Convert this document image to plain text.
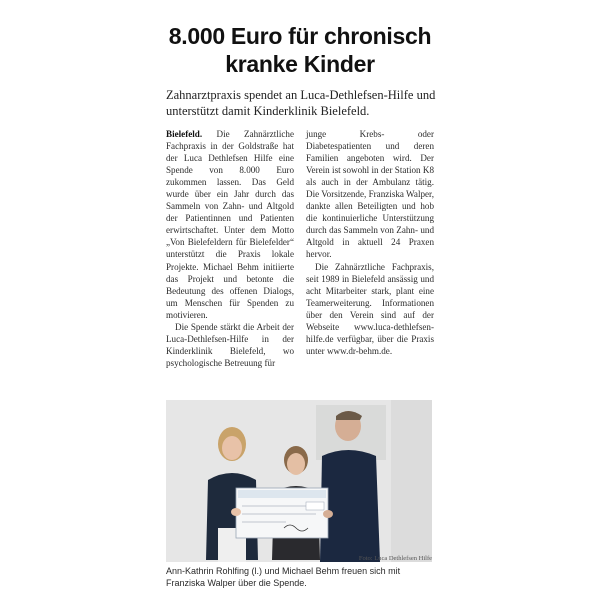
8.000 Euro für chronisch
kranke Kinder
Zahnarztpraxis spendet an Luca-Dethlefsen-Hilfe und unterstützt damit Kinderklinik Bielefeld.

Bielefeld. Die Zahnärztliche Fachpraxis in der Goldstraße hat der Luca Dethlefsen Hilfe eine Spende von 8.000 Euro zukommen lassen. Das Geld wurde über ein Jahr durch das Sammeln von Zahn- und Altgold der Patientinnen und Patienten erwirtschaftet. Unter dem Motto „Von Bielefeldern für Bielefelder“ unterstützt die Praxis lokale Projekte. Michael Behm initiierte das Projekt und betonte die Bedeutung des offenen Dialogs, um Menschen für Spenden zu motivieren.

Die Spende stärkt die Arbeit der Luca-Dethlefsen-Hilfe in der Kinderklinik Bielefeld, wo psychologische Betreuung für

junge Krebs- oder Diabetespatienten und deren Familien angeboten wird. Der Verein ist sowohl in der Station K8 als auch in der Ambulanz tätig. Die Vorsitzende, Franziska Walper, dankte allen Beteiligten und hob die kontinuierliche Unterstützung durch das Sammeln von Zahn- und Altgold in aktuell 24 Praxen hervor.

Die Zahnärztliche Fachpraxis, seit 1989 in Bielefeld ansässig und acht Mitarbeiter stark, plant eine Teamerweiterung. Informationen über den Verein sind auf der Webseite www.luca-dethlefsen-hilfe.de verfügbar, über die Praxis unter www.dr-behm.de.

Foto: Luca Dethlefsen Hilfe
Ann-Kathrin Rohlfing (l.) und Michael Behm freuen sich mit Franziska Walper über die Spende.
